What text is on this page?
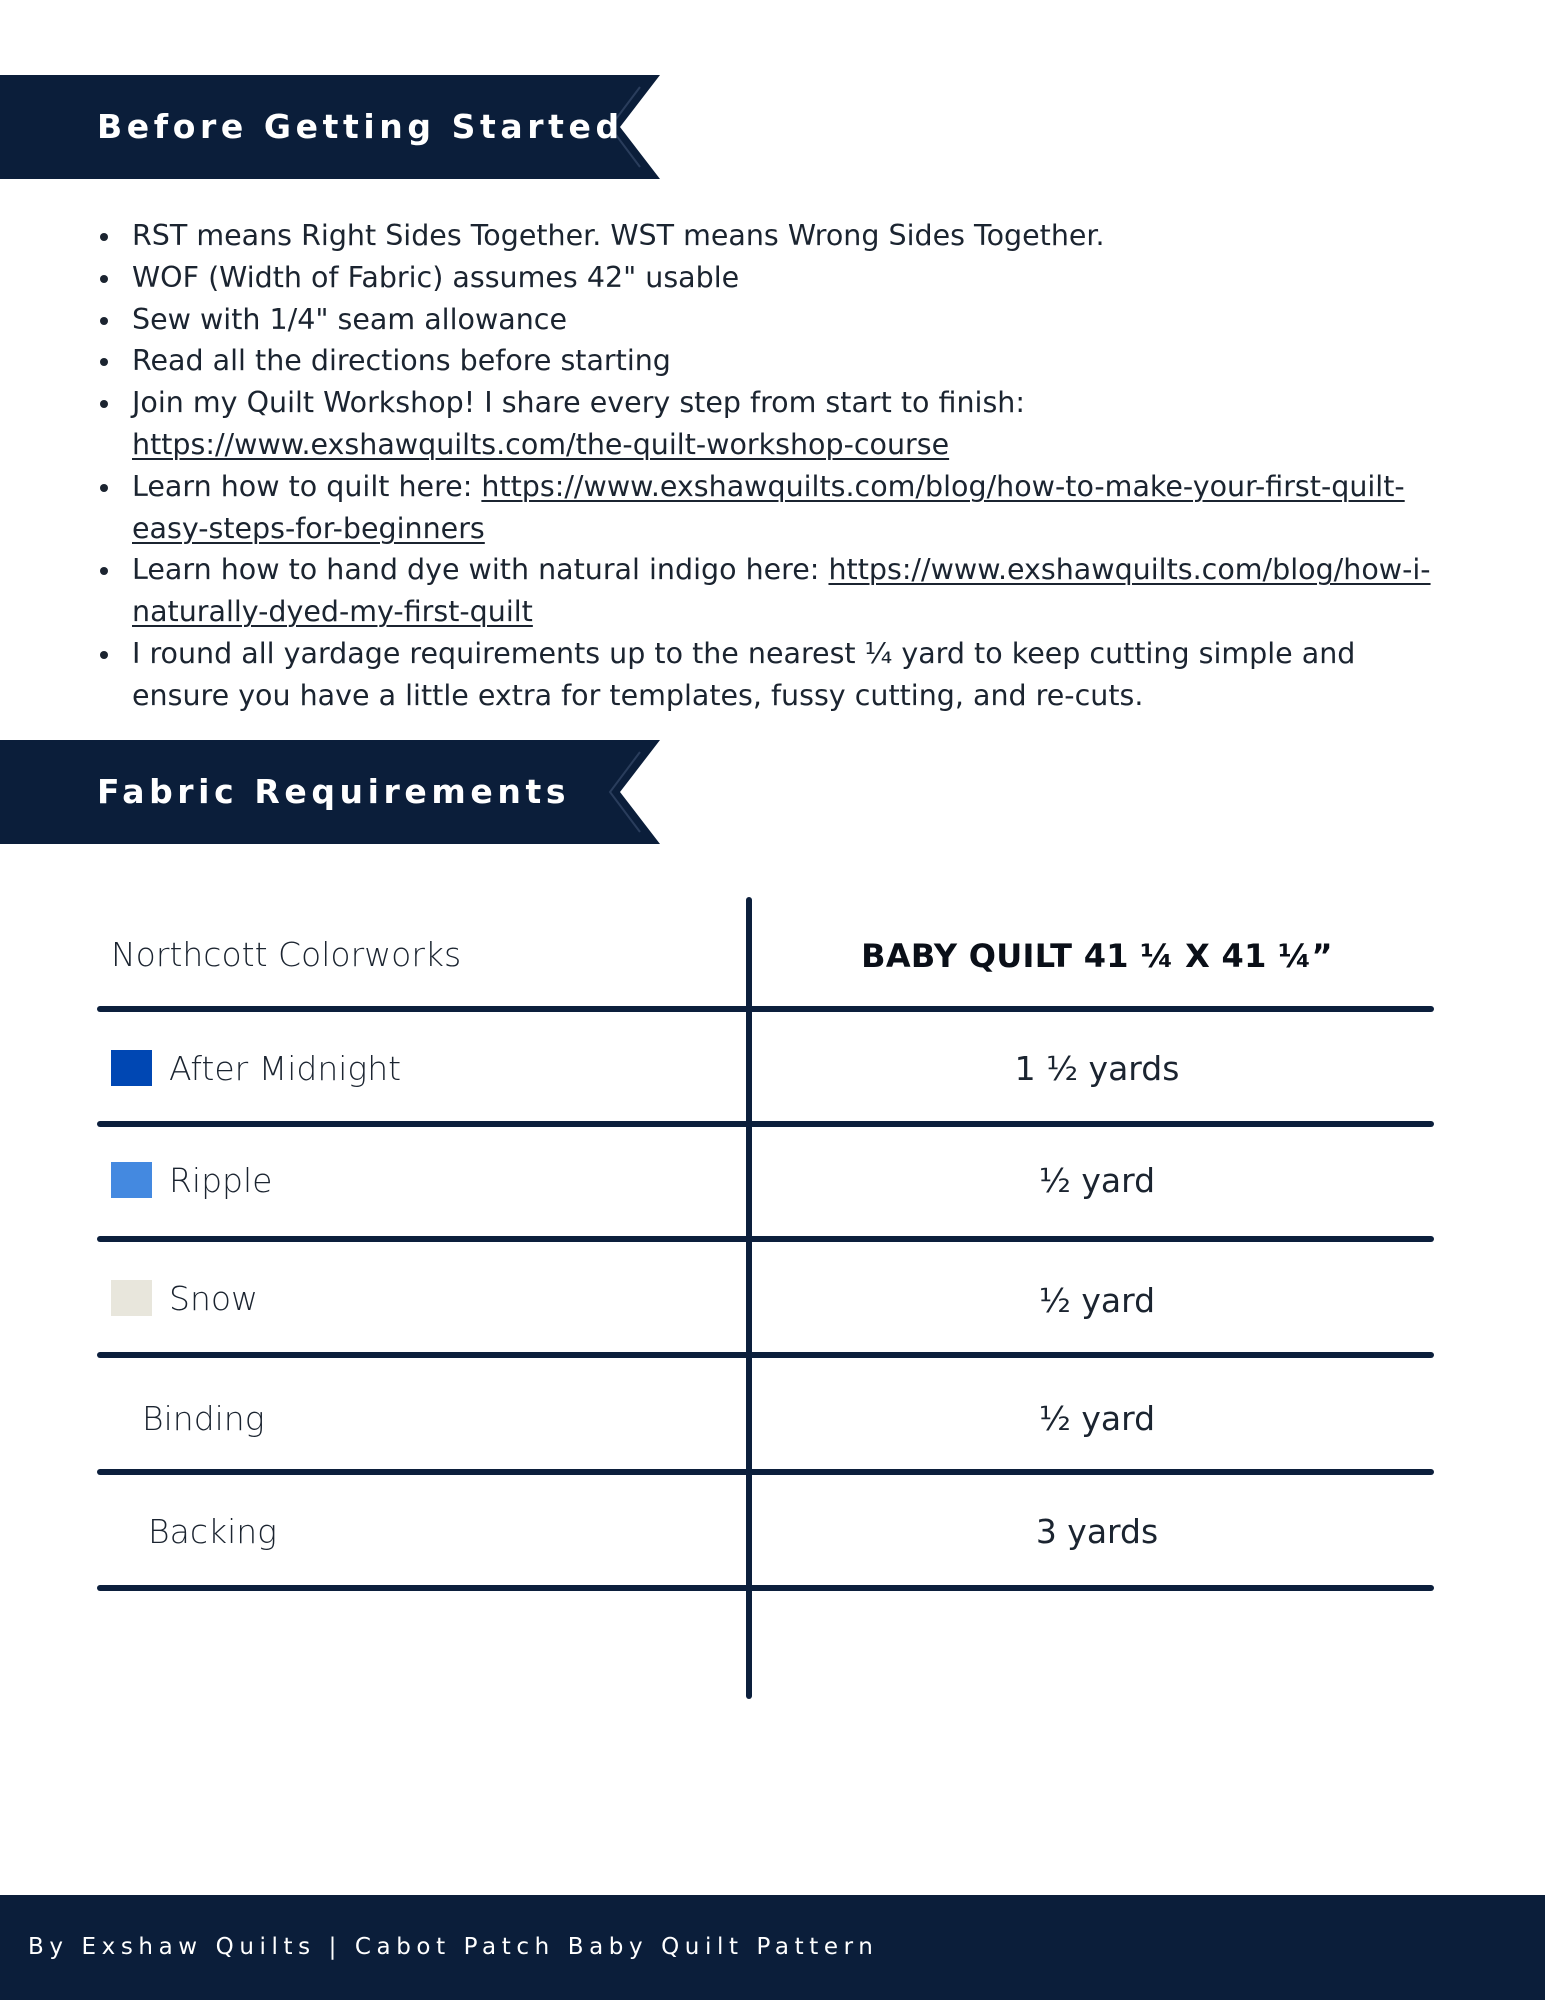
Before Getting Started
RST means Right Sides Together. WST means Wrong Sides Together.
WOF (Width of Fabric) assumes 42" usable
Sew with 1/4" seam allowance
Read all the directions before starting
Join my Quilt Workshop! I share every step from start to finish:
https://www.exshawquilts.com/the-quilt-workshop-course
Learn how to quilt here: https://www.exshawquilts.com/blog/how-to-make-your-first-quilt-easy-steps-for-beginners
Learn how to hand dye with natural indigo here: https://www.exshawquilts.com/blog/how-i-naturally-dyed-my-first-quilt
I round all yardage requirements up to the nearest ¼ yard to keep cutting simple and ensure you have a little extra for templates, fussy cutting, and re-cuts.
Fabric Requirements
Northcott Colorworks	BABY QUILT 41 ¼ X 41 ¼”
After Midnight	1 ½ yards
Ripple	½ yard
Snow	½ yard
Binding	½ yard
Backing	3 yards
By Exshaw Quilts | Cabot Patch Baby Quilt Pattern
